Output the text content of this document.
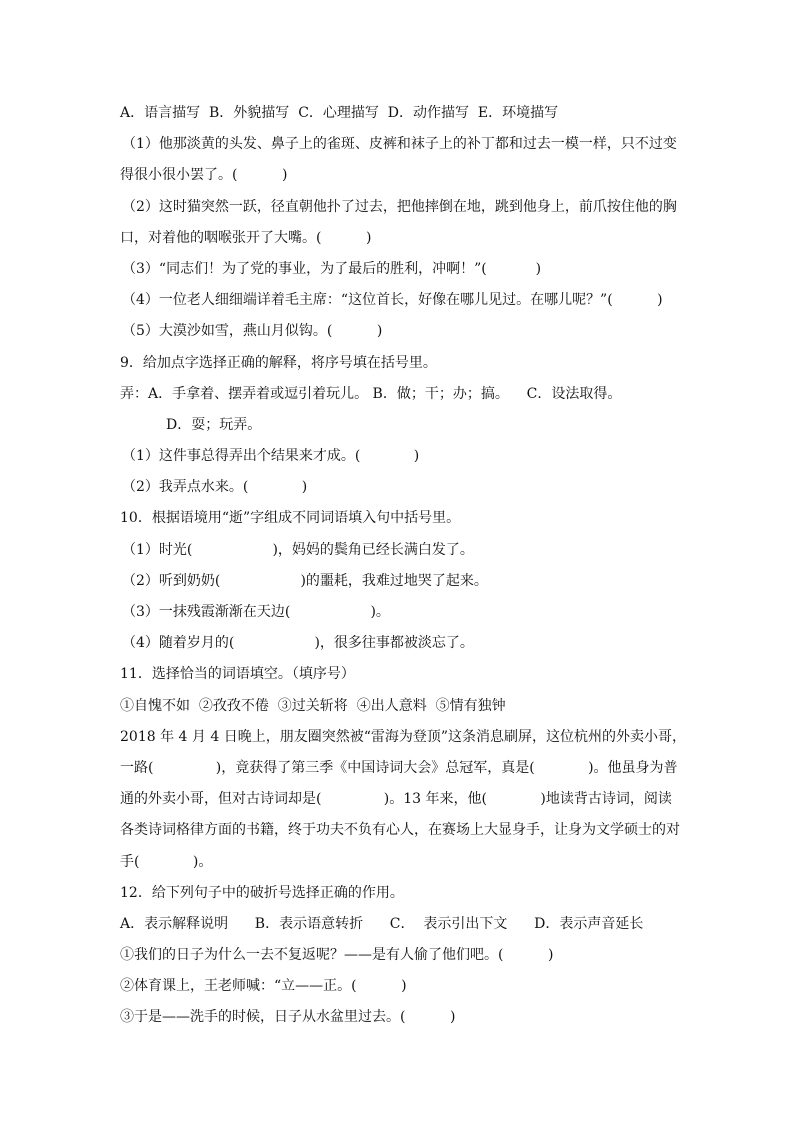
A．语言描写  B．外貌描写  C．心理描写  D．动作描写  E．环境描写
（1）他那淡黄的头发、鼻子上的雀斑、皮裤和袜子上的补丁都和过去一模一样，只不过变
得很小很小罢了。(          )
（2）这时猫突然一跃，径直朝他扑了过去，把他摔倒在地，跳到他身上，前爪按住他的胸
口，对着他的咽喉张开了大嘴。(          )
（3）“同志们！为了党的事业，为了最后的胜利，冲啊！”(           )
（4）一位老人细细端详着毛主席：“这位首长，好像在哪儿见过。在哪儿呢？”(          )
（5）大漠沙如雪，燕山月似钩。(          )
9．给加点字选择正确的解释，将序号填在括号里。
弄：A．手拿着、摆弄着或逗引着玩儿。 B．做；干；办；搞。    C．设法取得。
D．耍；玩弄。
（1）这件事总得弄出个结果来才成。(            )
（2）我弄点水来。(            )
10．根据语境用“逝”字组成不同词语填入句中括号里。
（1）时光(                  )，妈妈的鬓角已经长满白发了。
（2）听到奶奶(                  )的噩耗，我难过地哭了起来。
（3）一抹残霞渐渐在天边(                  )。
（4）随着岁月的(                  )，很多往事都被淡忘了。
11．选择恰当的词语填空。（填序号）
①自愧不如  ②孜孜不倦  ③过关斩将  ④出人意料  ⑤情有独钟
2018 年 4 月 4 日晚上，朋友圈突然被“雷海为登顶”这条消息刷屏，这位杭州的外卖小哥，
一路(              )，竟获得了第三季《中国诗词大会》总冠军，真是(            )。他虽身为普
通的外卖小哥，但对古诗词却是(              )。13 年来，他(            )地读背古诗词，阅读
各类诗词格律方面的书籍，终于功夫不负有心人，在赛场上大显身手，让身为文学硕士的对
手(            )。
12．给下列句子中的破折号选择正确的作用。
A．表示解释说明      B．表示语意转折      C．  表示引出下文      D．表示声音延长
①我们的日子为什么一去不复返呢？——是有人偷了他们吧。(          )
②体育课上，王老师喊：“立——正。(          )
③于是——洗手的时候，日子从水盆里过去。(          )
